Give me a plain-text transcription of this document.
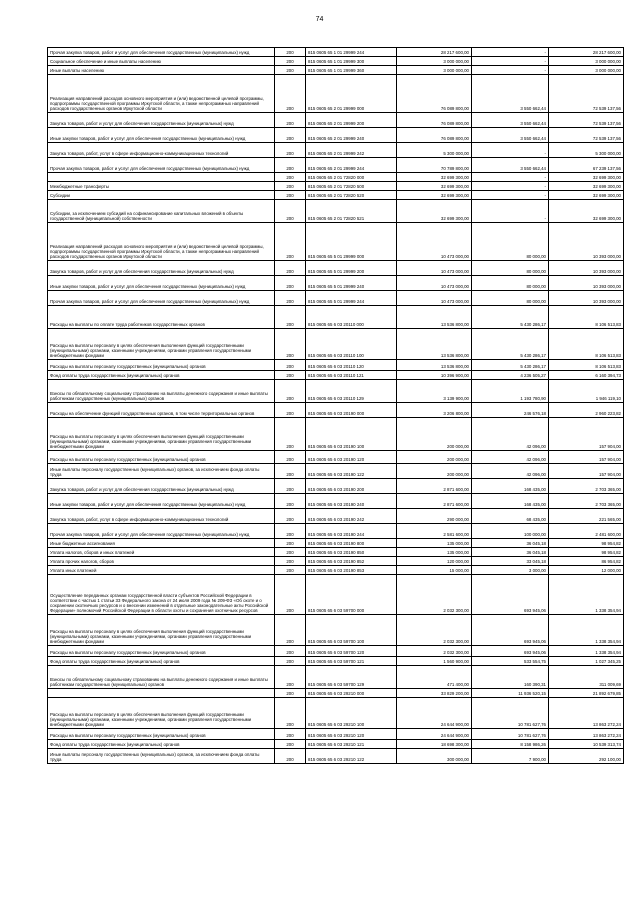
74
Прочая закупка товаров, работ и услуг для обеспечения государственных (муниципальных) нужд	200	815 0605 65 1 01 29999 244	28 217 600,00	-	28 217 600,00
Социальное обеспечение и иные выплаты населению	200	815 0605 65 1 01 29999 300	3 000 000,00	-	3 000 000,00
Иные выплаты населению	200	815 0605 65 1 01 29999 360	3 000 000,00	-	3 000 000,00
Реализация направлений расходов основного мероприятия и (или) ведомственной целевой программы, подпрограммы государственной программы Иркутской области, а также непрограммных направлений расходов государственных органов Иркутской области	200	815 0605 65 2 01 29999 000	76 089 800,00	3 550 662,44	72 539 137,56
Закупка товаров, работ и услуг для обеспечения государственных (муниципальных) нужд	200	815 0605 65 2 01 29999 200	76 089 800,00	3 550 662,44	72 539 137,56
Иные закупки товаров, работ и услуг для обеспечения государственных (муниципальных) нужд	200	815 0605 65 2 01 29999 240	76 089 800,00	3 550 662,44	72 539 137,56
Закупка товаров, работ, услуг в сфере информационно-коммуникационных технологий	200	815 0605 65 2 01 29999 242	5 300 000,00	-	5 300 000,00
Прочая закупка товаров, работ и услуг для обеспечения государственных (муниципальных) нужд	200	815 0605 65 2 01 29999 244	70 789 800,00	3 550 662,44	67 239 137,56
	200	815 0605 65 2 01 72820 000	32 699 300,00	-	32 699 300,00
Межбюджетные трансферты	200	815 0605 65 2 01 72820 500	32 699 300,00	-	32 699 300,00
Субсидии	200	815 0605 65 2 01 72820 520	32 699 300,00	-	32 699 300,00
Субсидии, за исключением субсидий на софинансирование капитальных вложений в объекты государственной (муниципальной) собственности	200	815 0605 65 2 01 72820 521	32 699 300,00	-	32 699 300,00
Реализация направлений расходов основного мероприятия и (или) ведомственной целевой программы, подпрограммы государственной программы Иркутской области, а также непрограммных направлений расходов государственных органов Иркутской области	200	815 0605 65 5 01 29999 000	10 473 000,00	80 000,00	10 393 000,00
Закупка товаров, работ и услуг для обеспечения государственных (муниципальных) нужд	200	815 0605 65 5 01 29999 200	10 473 000,00	80 000,00	10 393 000,00
Иные закупки товаров, работ и услуг для обеспечения государственных (муниципальных) нужд	200	815 0605 65 5 01 29999 240	10 473 000,00	80 000,00	10 393 000,00
Прочая закупка товаров, работ и услуг для обеспечения государственных (муниципальных) нужд	200	815 0605 65 5 01 29999 244	10 473 000,00	80 000,00	10 393 000,00
Расходы на выплаты по оплате труда работников государственных органов	200	815 0605 65 6 03 20110 000	13 536 800,00	5 430 286,17	8 106 513,83
Расходы на выплаты персоналу в целях обеспечения выполнения функций государственными (муниципальными) органами, казенными учреждениями, органами управления государственными внебюджетными фондами	200	815 0605 65 6 03 20110 100	13 536 800,00	5 430 286,17	8 106 513,83
Расходы на выплаты персоналу государственных (муниципальных) органов	200	815 0605 65 6 03 20110 120	13 536 800,00	5 430 286,17	8 106 513,83
Фонд оплаты труда государственных (муниципальных) органов	200	815 0605 65 6 03 20110 121	10 396 900,00	4 236 505,27	6 160 394,73
Взносы по обязательному социальному страхованию на выплаты денежного содержания и иные выплаты работникам государственных (муниципальных) органов	200	815 0605 65 6 03 20110 129	3 139 900,00	1 193 780,90	1 946 119,10
Расходы на обеспечение функций государственных органов, в том числе территориальных органов	200	815 0605 65 6 03 20190 000	3 206 800,00	246 576,18	2 960 223,82
Расходы на выплаты персоналу в целях обеспечения выполнения функций государственными (муниципальными) органами, казенными учреждениями, органами управления государственными внебюджетными фондами	200	815 0605 65 6 03 20190 100	200 000,00	42 096,00	157 904,00
Расходы на выплаты персоналу государственных (муниципальных) органов	200	815 0605 65 6 03 20190 120	200 000,00	42 096,00	157 904,00
Иные выплаты персоналу государственных (муниципальных) органов, за исключением фонда оплаты труда	200	815 0605 65 6 03 20190 122	200 000,00	42 096,00	157 904,00
Закупка товаров, работ и услуг для обеспечения государственных (муниципальных) нужд	200	815 0605 65 6 03 20190 200	2 871 600,00	168 435,00	2 703 365,00
Иные закупки товаров, работ и услуг для обеспечения государственных (муниципальных) нужд	200	815 0605 65 6 03 20190 240	2 871 600,00	168 435,00	2 703 365,00
Закупка товаров, работ, услуг в сфере информационно-коммуникационных технологий	200	815 0605 65 6 03 20190 242	290 000,00	68 435,00	221 565,00
Прочая закупка товаров, работ и услуг для обеспечения государственных (муниципальных) нужд	200	815 0605 65 6 03 20190 244	2 581 600,00	100 000,00	2 481 600,00
Иные бюджетные ассигнования	200	815 0605 65 6 03 20190 800	135 000,00	36 045,18	98 954,82
Уплата налогов, сборов и иных платежей	200	815 0605 65 6 03 20190 850	135 000,00	36 045,18	98 954,82
Уплата прочих налогов, сборов	200	815 0605 65 6 03 20190 852	120 000,00	33 045,18	86 954,82
Уплата иных платежей	200	815 0605 65 6 03 20190 853	15 000,00	3 000,00	12 000,00
Осуществление переданных органам государственной власти субъектов Российской Федерации в соответствии с частью 1 статьи 33 Федерального закона от 24 июля 2009 года № 209-ФЗ «Об охоте и о сохранении охотничьих ресурсов и о внесении изменений в отдельные законодательные акты Российской Федерации» полномочий Российской Федерации в области охоты и сохранения охотничьих ресурсов	200	815 0605 65 6 03 59700 000	2 032 300,00	693 945,06	1 338 354,94
Расходы на выплаты персоналу в целях обеспечения выполнения функций государственными (муниципальными) органами, казенными учреждениями, органами управления государственными внебюджетными фондами	200	815 0605 65 6 03 59700 100	2 032 300,00	693 945,06	1 338 354,94
Расходы на выплаты персоналу государственных (муниципальных) органов	200	815 0605 65 6 03 59700 120	2 032 300,00	693 945,06	1 338 354,94
Фонд оплаты труда государственных (муниципальных) органов	200	815 0605 65 6 03 59700 121	1 560 900,00	533 554,75	1 027 345,25
Взносы по обязательному социальному страхованию на выплаты денежного содержания и иные выплаты работникам государственных (муниципальных) органов	200	815 0605 65 6 03 59700 129	471 400,00	160 390,31	311 009,69
	200	815 0605 65 6 03 29210 000	33 829 200,00	11 936 520,15	21 892 679,85
Расходы на выплаты персоналу в целях обеспечения выполнения функций государственными (муниципальными) органами, казенными учреждениями, органами управления государственными внебюджетными фондами	200	815 0605 65 6 03 29210 100	24 644 900,00	10 781 627,76	13 863 272,24
Расходы на выплаты персоналу государственных (муниципальных) органов	200	815 0605 65 6 03 29210 120	24 644 900,00	10 781 627,76	13 863 272,24
Фонд оплаты труда государственных (муниципальных) органов	200	815 0605 65 6 03 29210 121	18 698 300,00	8 158 986,26	10 539 313,74
Иные выплаты персоналу государственных (муниципальных) органов, за исключением фонда оплаты труда	200	815 0605 65 6 03 29210 122	300 000,00	7 900,00	292 100,00
